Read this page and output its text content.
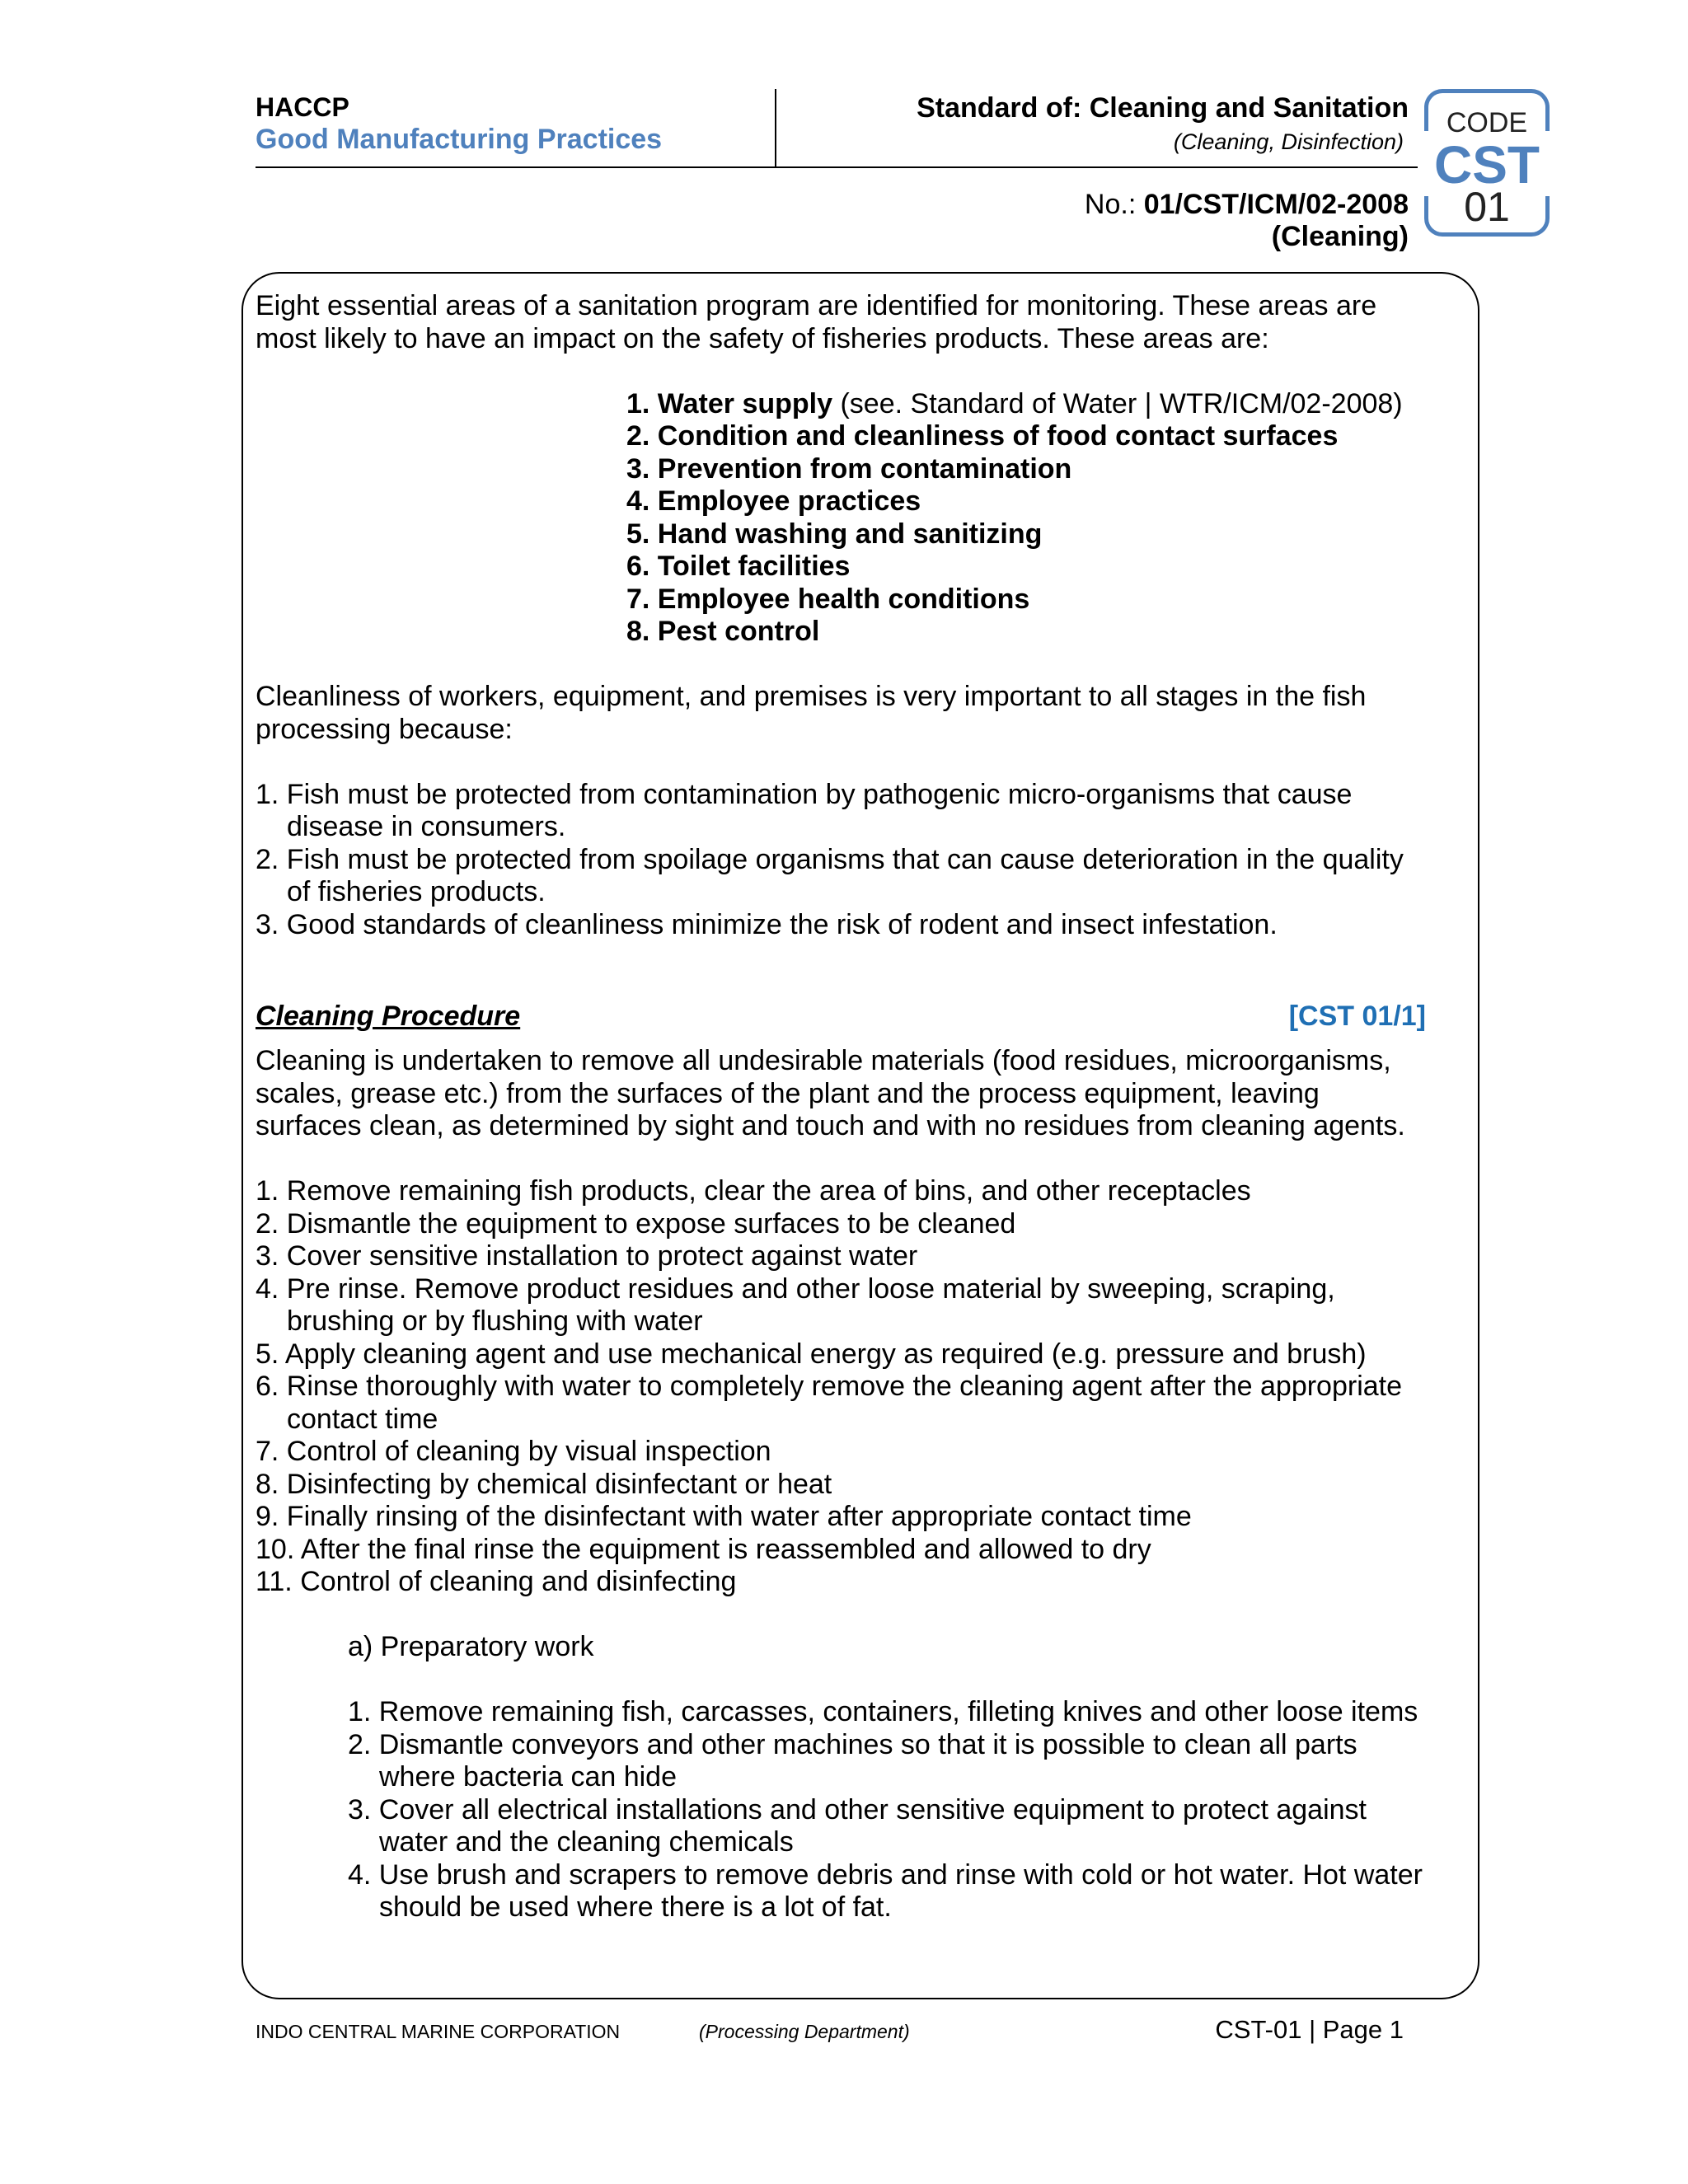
HACCP
Good Manufacturing Practices
Standard of: Cleaning and Sanitation
(Cleaning, Disinfection)
No.: 01/CST/ICM/02-2008
(Cleaning)
CODE
CST
01

Eight essential areas of a sanitation program are identified for monitoring. These areas are most likely to have an impact on the safety of fisheries products. These areas are:

1. Water supply (see. Standard of Water | WTR/ICM/02-2008)
2. Condition and cleanliness of food contact surfaces
3. Prevention from contamination
4. Employee practices
5. Hand washing and sanitizing
6. Toilet facilities
7. Employee health conditions
8. Pest control

Cleanliness of workers, equipment, and premises is very important to all stages in the fish processing because:

1. Fish must be protected from contamination by pathogenic micro-organisms that cause disease in consumers.
2. Fish must be protected from spoilage organisms that can cause deterioration in the quality of fisheries products.
3. Good standards of cleanliness minimize the risk of rodent and insect infestation.
Cleaning Procedure	[CST 01/1]

Cleaning is undertaken to remove all undesirable materials (food residues, microorganisms, scales, grease etc.) from the surfaces of the plant and the process equipment, leaving surfaces clean, as determined by sight and touch and with no residues from cleaning agents.

1. Remove remaining fish products, clear the area of bins, and other receptacles
2. Dismantle the equipment to expose surfaces to be cleaned
3. Cover sensitive installation to protect against water
4. Pre rinse. Remove product residues and other loose material by sweeping, scraping, brushing or by flushing with water
5. Apply cleaning agent and use mechanical energy as required (e.g. pressure and brush)
6. Rinse thoroughly with water to completely remove the cleaning agent after the appropriate contact time
7. Control of cleaning by visual inspection
8. Disinfecting by chemical disinfectant or heat
9. Finally rinsing of the disinfectant with water after appropriate contact time
10. After the final rinse the equipment is reassembled and allowed to dry
11. Control of cleaning and disinfecting

a) Preparatory work

1. Remove remaining fish, carcasses, containers, filleting knives and other loose items
2. Dismantle conveyors and other machines so that it is possible to clean all parts where bacteria can hide
3. Cover all electrical installations and other sensitive equipment to protect against water and the cleaning chemicals
4. Use brush and scrapers to remove debris and rinse with cold or hot water. Hot water should be used where there is a lot of fat.
INDO CENTRAL MARINE CORPORATION	(Processing Department)	CST-01 | Page 1
